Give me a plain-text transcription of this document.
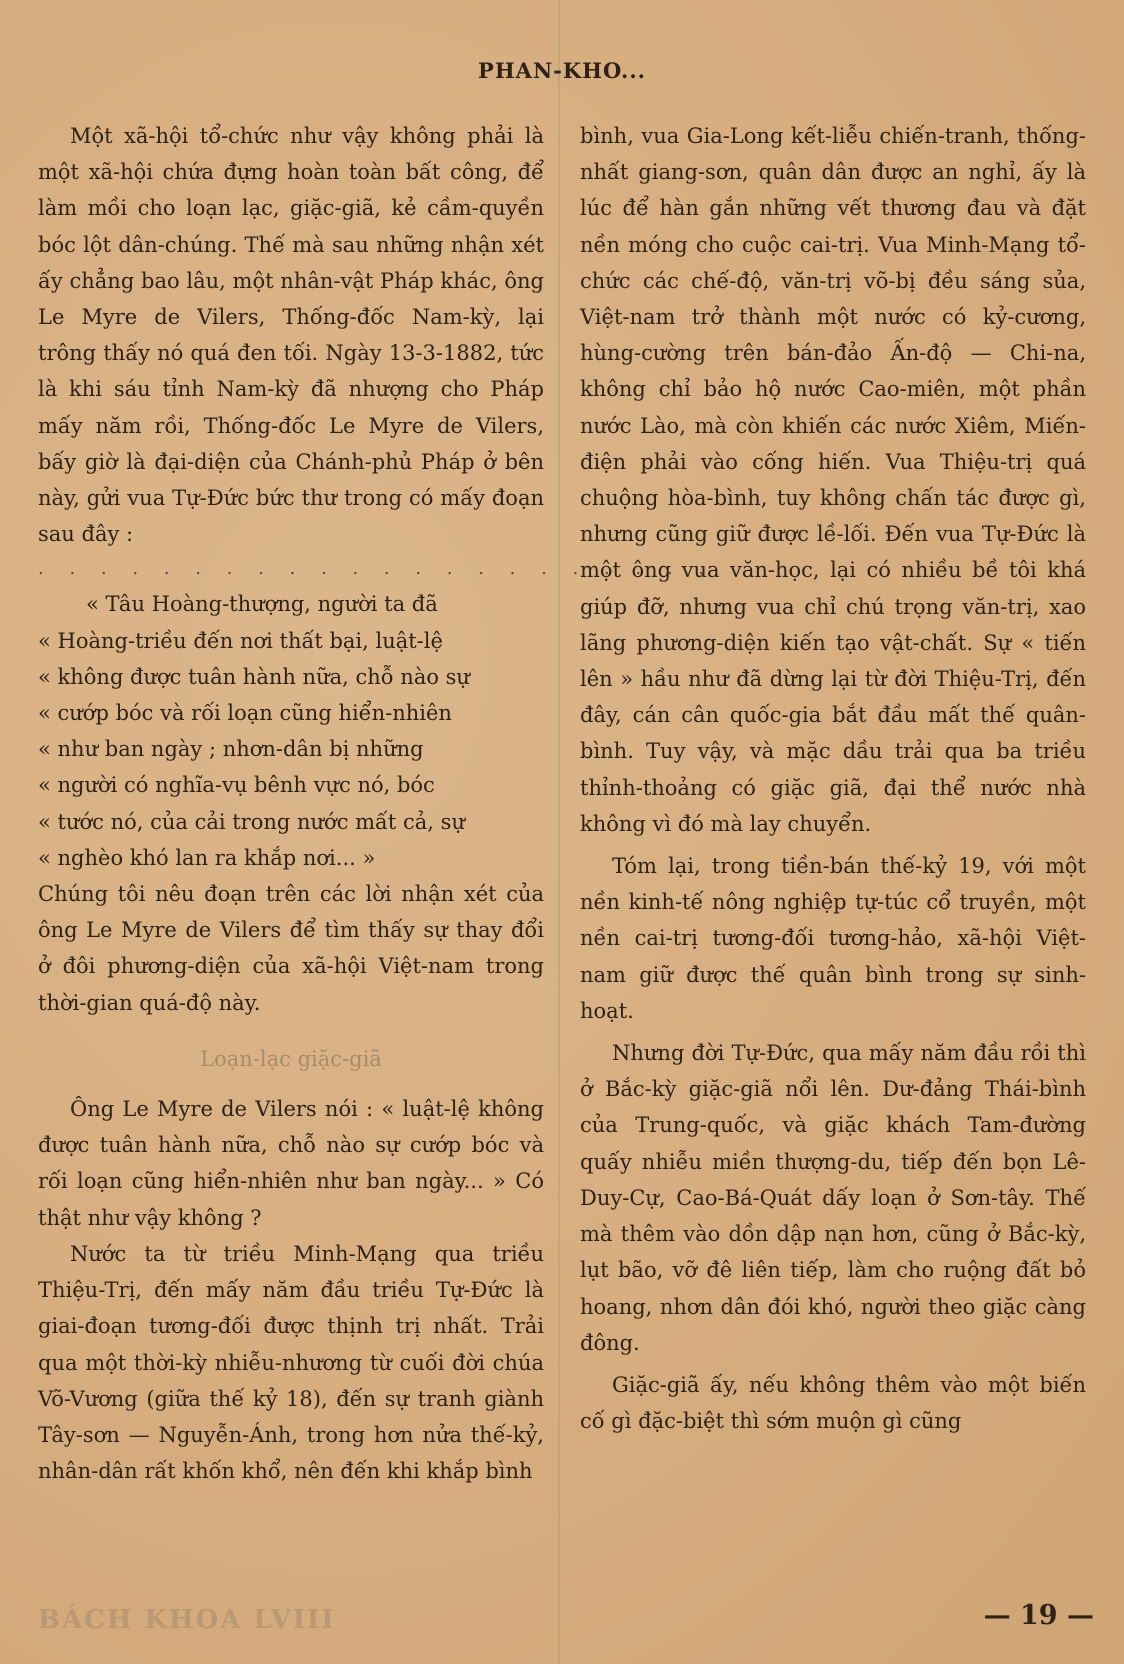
PHAN-KHO...

Một xã-hội tổ-chức như vậy không phải là một xã-hội chứa đựng hoàn toàn bất công, để làm mồi cho loạn lạc, giặc-giã, kẻ cầm-quyền bóc lột dân-chúng. Thế mà sau những nhận xét ấy chẳng bao lâu, một nhân-vật Pháp khác, ông Le Myre de Vilers, Thống-đốc Nam-kỳ, lại trông thấy nó quá đen tối. Ngày 13-3-1882, tức là khi sáu tỉnh Nam-kỳ đã nhượng cho Pháp mấy năm rồi, Thống-đốc Le Myre de Vilers, bấy giờ là đại-diện của Chánh-phủ Pháp ở bên này, gửi vua Tự-Đức bức thư trong có mấy đoạn sau đây :

. . . . . . . . . . . . . . . . . . . . . .
« Tâu Hoàng-thượng, người ta đã
« Hoàng-triều đến nơi thất bại, luật-lệ
« không được tuân hành nữa, chỗ nào sự
« cướp bóc và rối loạn cũng hiển-nhiên
« như ban ngày ; nhơn-dân bị những
« người có nghĩa-vụ bênh vực nó, bóc
« tước nó, của cải trong nước mất cả, sự
« nghèo khó lan ra khắp nơi... »

Chúng tôi nêu đoạn trên các lời nhận xét của ông Le Myre de Vilers để tìm thấy sự thay đổi ở đôi phương-diện của xã-hội Việt-nam trong thời-gian quá-độ này.

Loạn-lạc giặc-giã

Ông Le Myre de Vilers nói : « luật-lệ không được tuân hành nữa, chỗ nào sự cướp bóc và rối loạn cũng hiển-nhiên như ban ngày... » Có thật như vậy không ?

Nước ta từ triều Minh-Mạng qua triều Thiệu-Trị, đến mấy năm đầu triều Tự-Đức là giai-đoạn tương-đối được thịnh trị nhất. Trải qua một thời-kỳ nhiễu-nhương từ cuối đời chúa Võ-Vương (giữa thế kỷ 18), đến sự tranh giành Tây-sơn — Nguyễn-Ánh, trong hơn nửa thế-kỷ, nhân-dân rất khốn khổ, nên đến khi khắp bình

bình, vua Gia-Long kết-liễu chiến-tranh, thống-nhất giang-sơn, quân dân được an nghỉ, ấy là lúc để hàn gắn những vết thương đau và đặt nền móng cho cuộc cai-trị. Vua Minh-Mạng tổ-chức các chế-độ, văn-trị võ-bị đều sáng sủa, Việt-nam trở thành một nước có kỷ-cương, hùng-cường trên bán-đảo Ấn-độ — Chi-na, không chỉ bảo hộ nước Cao-miên, một phần nước Lào, mà còn khiến các nước Xiêm, Miến-điện phải vào cống hiến. Vua Thiệu-trị quá chuộng hòa-bình, tuy không chấn tác được gì, nhưng cũng giữ được lề-lối. Đến vua Tự-Đức là một ông vua văn-học, lại có nhiều bề tôi khá giúp đỡ, nhưng vua chỉ chú trọng văn-trị, xao lãng phương-diện kiến tạo vật-chất. Sự « tiến lên » hầu như đã dừng lại từ đời Thiệu-Trị, đến đây, cán cân quốc-gia bắt đầu mất thế quân-bình. Tuy vậy, và mặc dầu trải qua ba triều thỉnh-thoảng có giặc giã, đại thể nước nhà không vì đó mà lay chuyển.

Tóm lại, trong tiền-bán thế-kỷ 19, với một nền kinh-tế nông nghiệp tự-túc cổ truyền, một nền cai-trị tương-đối tương-hảo, xã-hội Việt-nam giữ được thế quân bình trong sự sinh-hoạt.

Nhưng đời Tự-Đức, qua mấy năm đầu rồi thì ở Bắc-kỳ giặc-giã nổi lên. Dư-đảng Thái-bình của Trung-quốc, và giặc khách Tam-đường quấy nhiễu miền thượng-du, tiếp đến bọn Lê-Duy-Cự, Cao-Bá-Quát dấy loạn ở Sơn-tây. Thế mà thêm vào dồn dập nạn hơn, cũng ở Bắc-kỳ, lụt bão, vỡ đê liên tiếp, làm cho ruộng đất bỏ hoang, nhơn dân đói khó, người theo giặc càng đông.

Giặc-giã ấy, nếu không thêm vào một biến cố gì đặc-biệt thì sớm muộn gì cũng

BÁCH KHOA LVIII	— 19 —
